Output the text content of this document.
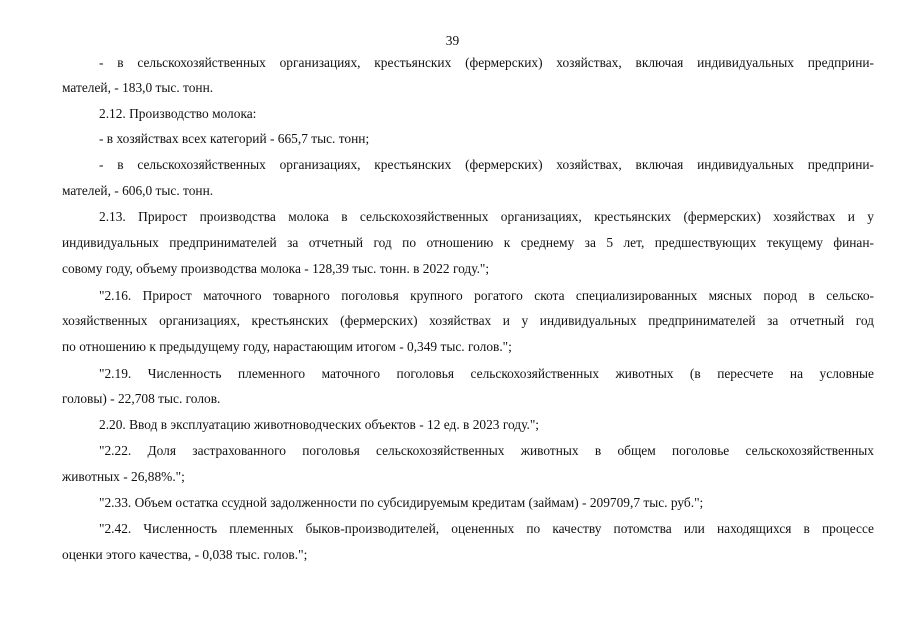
39
- в сельскохозяйственных организациях, крестьянских (фермерских) хозяйствах, включая индивидуальных предприни-
мателей, - 183,0 тыс. тонн.
2.12. Производство молока:
- в хозяйствах всех категорий - 665,7 тыс. тонн;
- в сельскохозяйственных организациях, крестьянских (фермерских) хозяйствах, включая индивидуальных предприни-
мателей, - 606,0 тыс. тонн.
2.13. Прирост производства молока в сельскохозяйственных организациях, крестьянских (фермерских) хозяйствах и у
индивидуальных предпринимателей за отчетный год по отношению к среднему за 5 лет, предшествующих текущему финан-
совому году, объему производства молока - 128,39 тыс. тонн. в 2022 году.";
"2.16. Прирост маточного товарного поголовья крупного рогатого скота специализированных мясных пород в сельско-
хозяйственных организациях, крестьянских (фермерских) хозяйствах и у индивидуальных предпринимателей за отчетный год
по отношению к предыдущему году, нарастающим итогом - 0,349 тыс. голов.";
"2.19. Численность племенного маточного поголовья сельскохозяйственных животных (в пересчете на условные
головы) - 22,708 тыс. голов.
2.20. Ввод в эксплуатацию животноводческих объектов - 12 ед. в 2023 году.";
"2.22. Доля застрахованного поголовья сельскохозяйственных животных в общем поголовье сельскохозяйственных
животных - 26,88%.";
"2.33. Объем остатка ссудной задолженности по субсидируемым кредитам (займам) - 209709,7 тыс. руб.";
"2.42. Численность племенных быков-производителей, оцененных по качеству потомства или находящихся в процессе
оценки этого качества, - 0,038 тыс. голов.";
